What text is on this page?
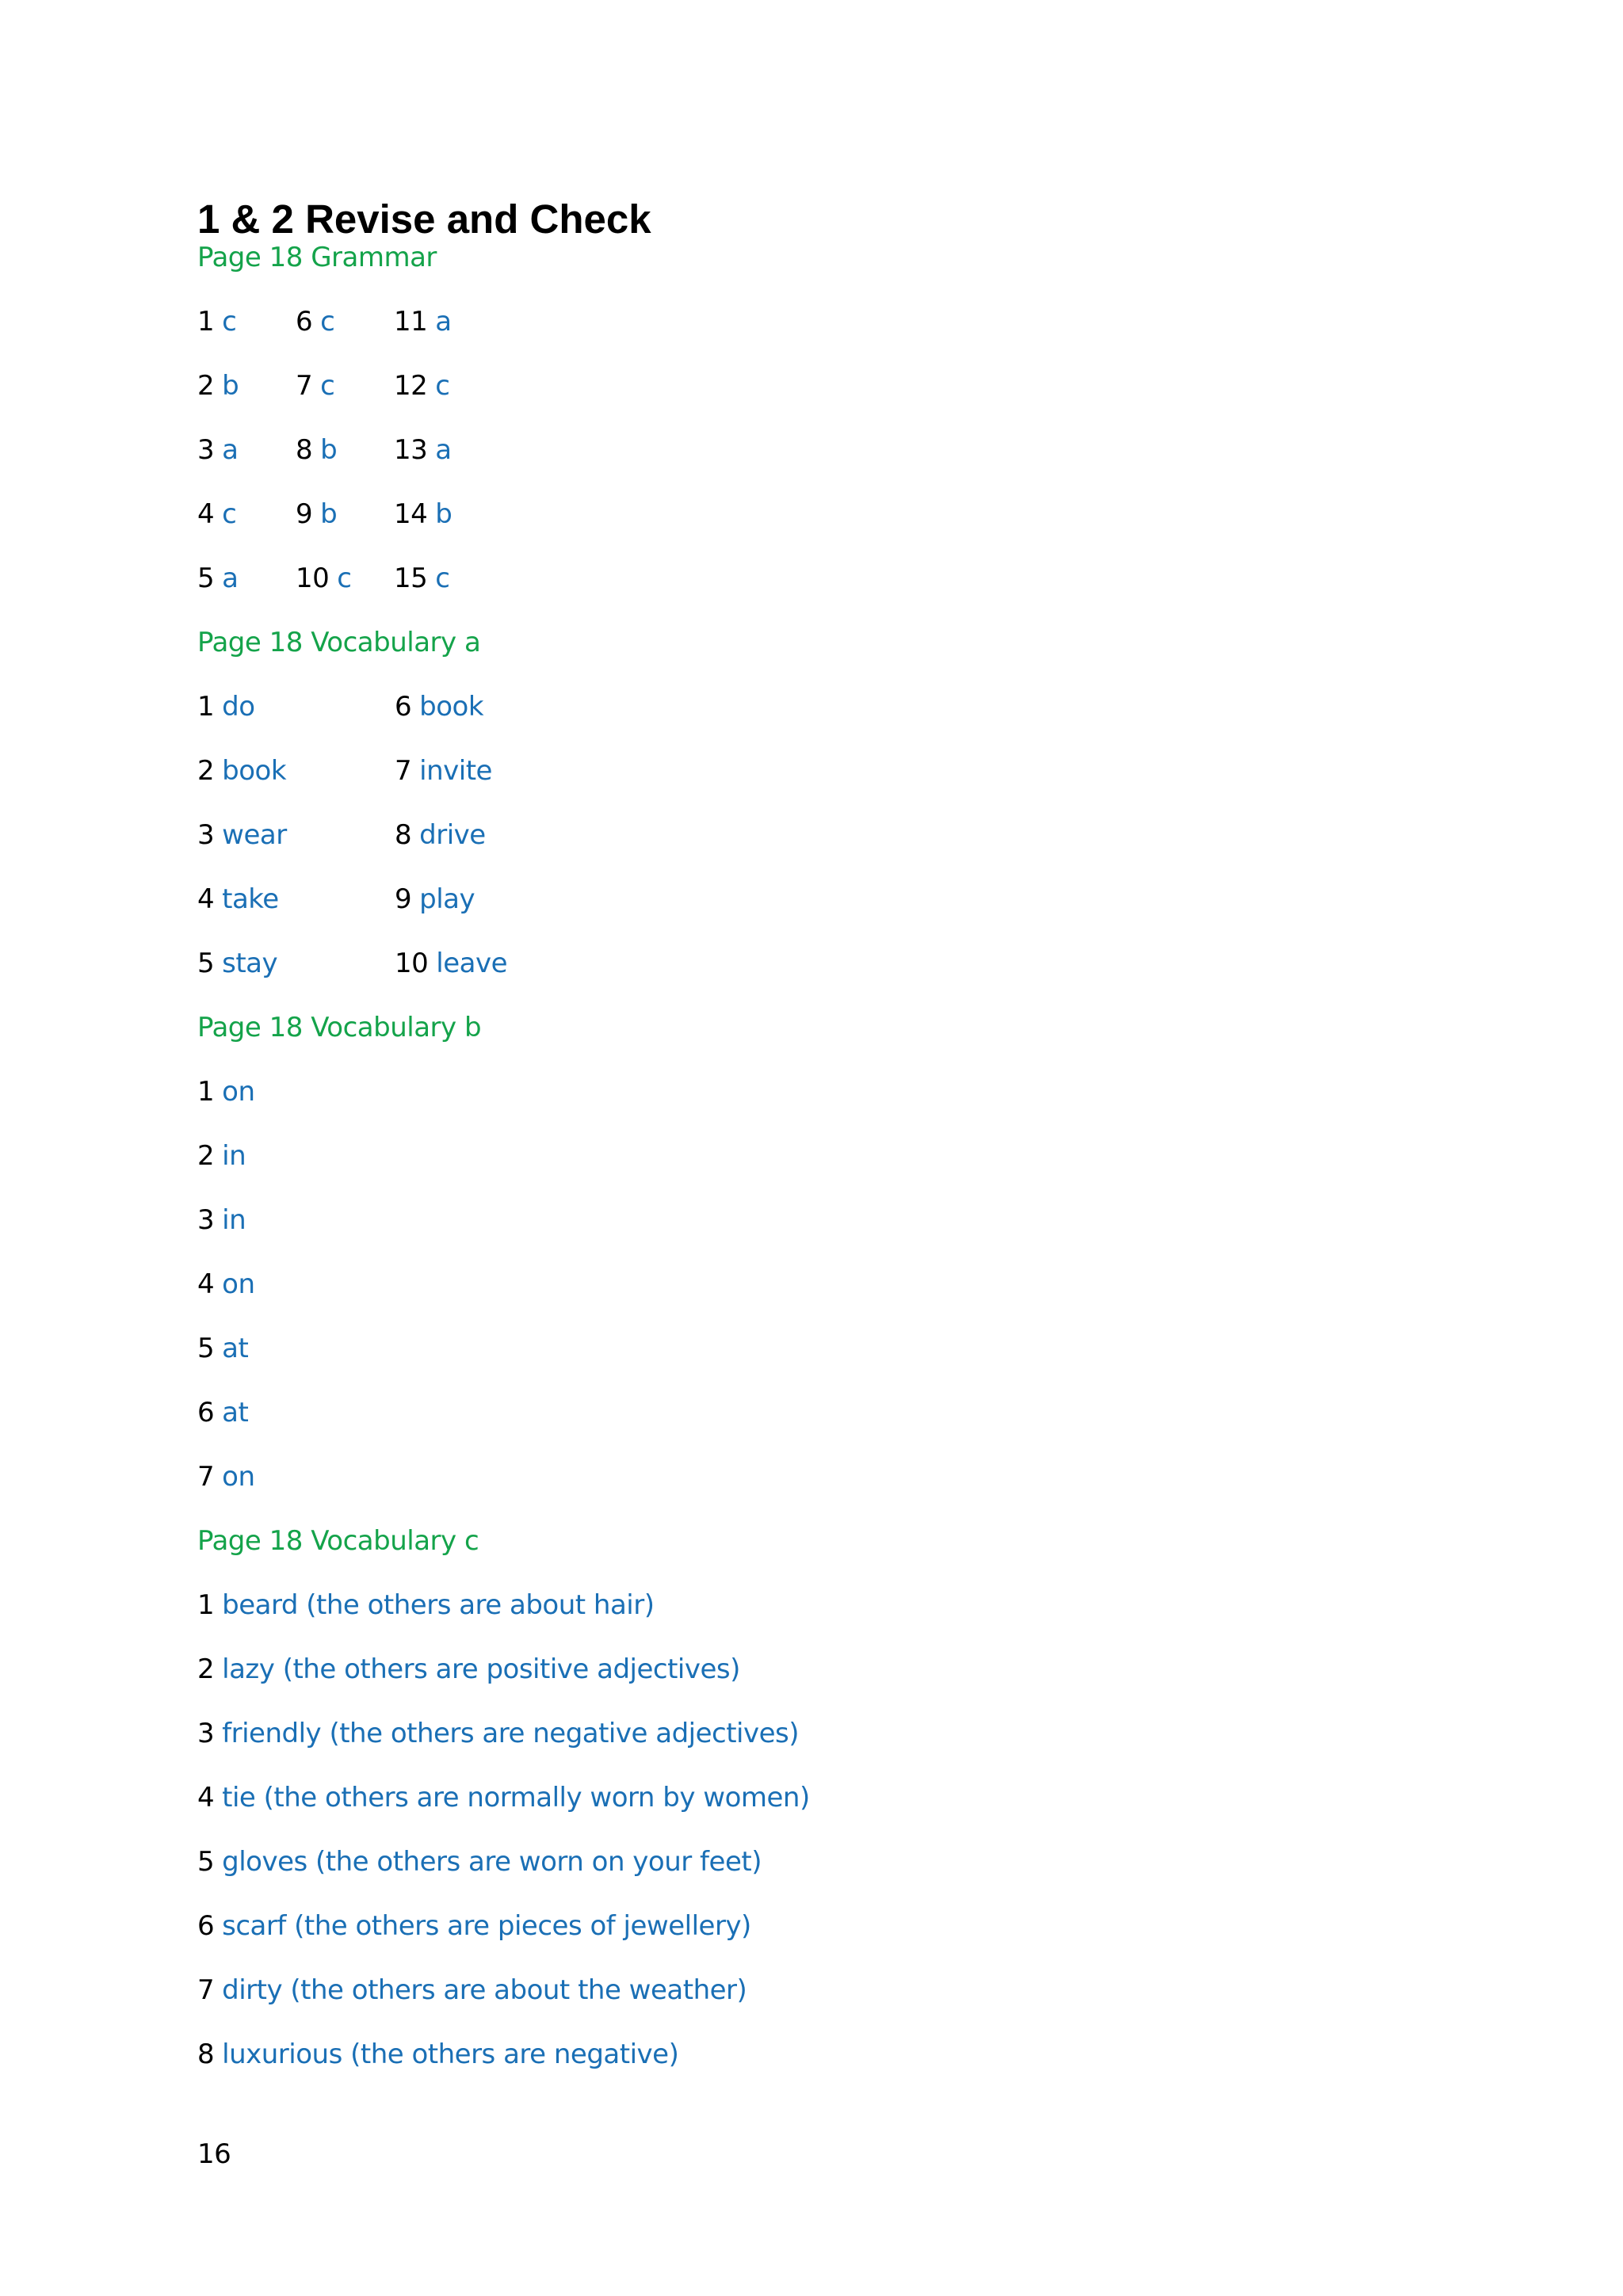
1 & 2 Revise and Check
Page 18 Grammar
1 c	6 c	11 a
2 b	7 c	12 c
3 a	8 b	13 a
4 c	9 b	14 b
5 a	10 c	15 c
Page 18 Vocabulary a
1 do	6 book
2 book	7 invite
3 wear	8 drive
4 take	9 play
5 stay	10 leave
Page 18 Vocabulary b
1 on
2 in
3 in
4 on
5 at
6 at
7 on
Page 18 Vocabulary c
1 beard (the others are about hair)
2 lazy (the others are positive adjectives)
3 friendly (the others are negative adjectives)
4 tie (the others are normally worn by women)
5 gloves (the others are worn on your feet)
6 scarf (the others are pieces of jewellery)
7 dirty (the others are about the weather)
8 luxurious (the others are negative)
16
